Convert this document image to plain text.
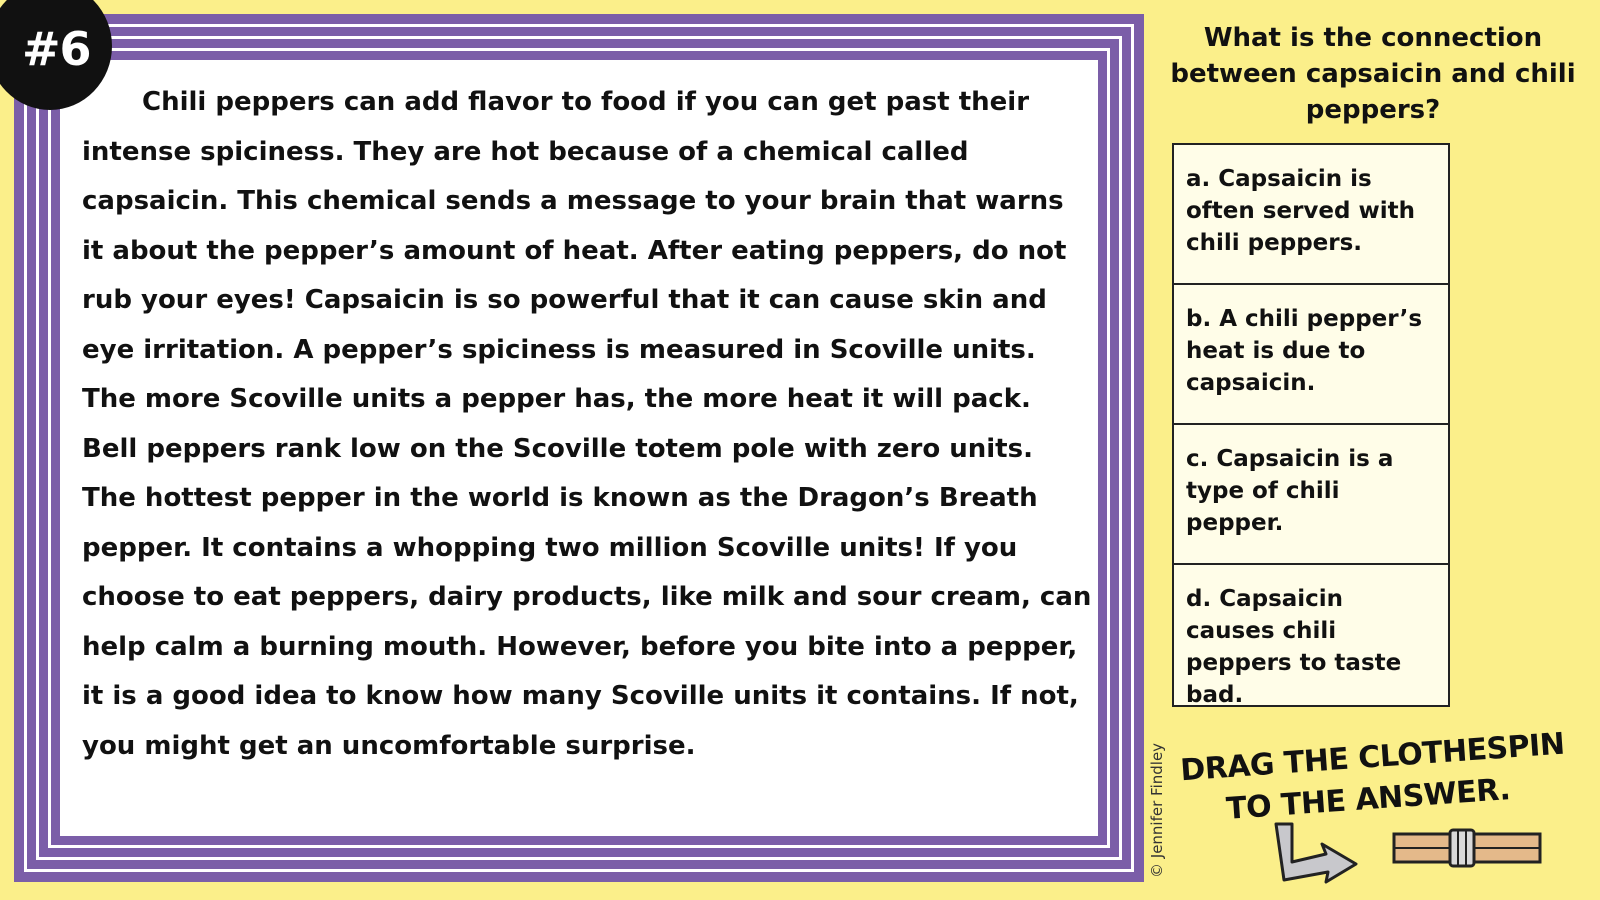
#6

Chili peppers can add flavor to food if you can get past their intense spiciness. They are hot because of a chemical called capsaicin. This chemical sends a message to your brain that warns it about the pepper’s amount of heat. After eating peppers, do not rub your eyes! Capsaicin is so powerful that it can cause skin and eye irritation. A pepper’s spiciness is measured in Scoville units. The more Scoville units a pepper has, the more heat it will pack. Bell peppers rank low on the Scoville totem pole with zero units. The hottest pepper in the world is known as the Dragon’s Breath pepper. It contains a whopping two million Scoville units! If you choose to eat peppers, dairy products, like milk and sour cream, can help calm a burning mouth. However, before you bite into a pepper, it is a good idea to know how many Scoville units it contains. If not, you might get an uncomfortable surprise.

What is the connection between capsaicin and chili peppers?

a. Capsaicin is often served with chili peppers.
b. A chili pepper’s heat is due to capsaicin.
c. Capsaicin is a type of chili pepper.
d. Capsaicin causes chili peppers to taste bad.
© Jennifer Findley DRAG THE CLOTHESPIN
TO THE ANSWER.
